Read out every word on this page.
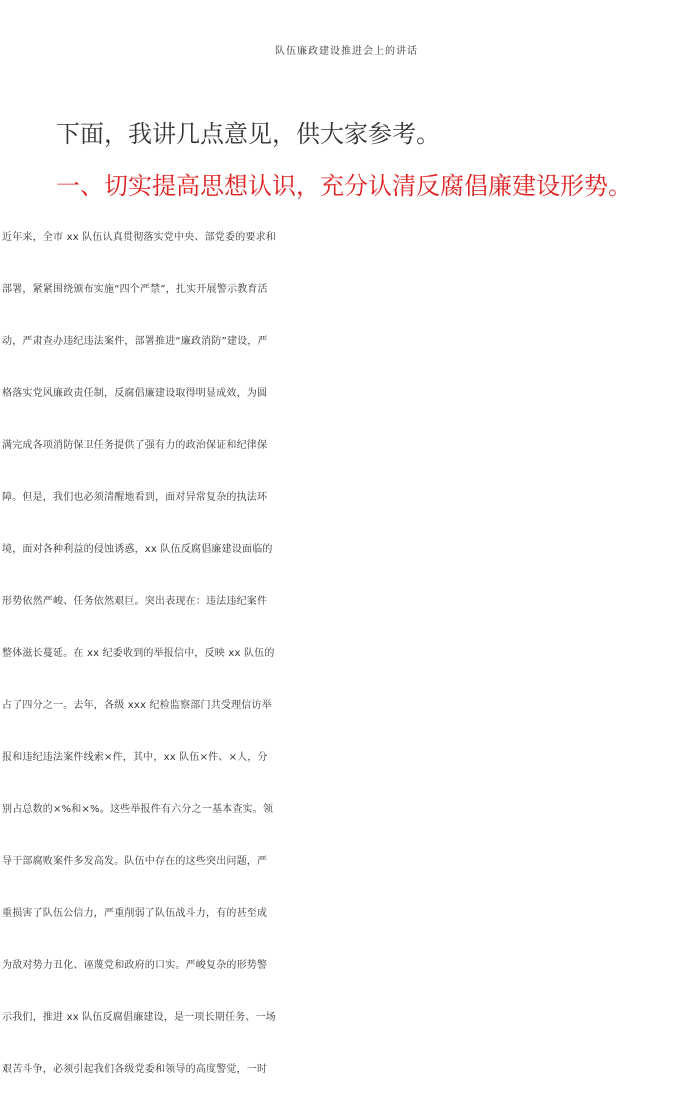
队伍廉政建设推进会上的讲话
下面，我讲几点意见，供大家参考。
一、切实提高思想认识，充分认清反腐倡廉建设形势。
近年来，全市 xx 队伍认真贯彻落实党中央、部党委的要求和
部署，紧紧围绕颁布实施“四个严禁”，扎实开展警示教育活
动，严肃查办违纪违法案件，部署推进“廉政消防”建设，严
格落实党风廉政责任制，反腐倡廉建设取得明显成效，为圆
满完成各项消防保卫任务提供了强有力的政治保证和纪律保
障。但是，我们也必须清醒地看到，面对异常复杂的执法环
境，面对各种利益的侵蚀诱惑，xx 队伍反腐倡廉建设面临的
形势依然严峻、任务依然艰巨。突出表现在：违法违纪案件
整体滋长蔓延。在 xx 纪委收到的举报信中，反映 xx 队伍的
占了四分之一。去年，各级 xxx 纪检监察部门共受理信访举
报和违纪违法案件线索×件，其中，xx 队伍×件、×人，分
别占总数的×%和×%。这些举报件有六分之一基本查实。领
导干部腐败案件多发高发。队伍中存在的这些突出问题，严
重损害了队伍公信力，严重削弱了队伍战斗力，有的甚至成
为敌对势力丑化、诬蔑党和政府的口实。严峻复杂的形势警
示我们，推进 xx 队伍反腐倡廉建设，是一项长期任务、一场
艰苦斗争，必须引起我们各级党委和领导的高度警觉，一时
